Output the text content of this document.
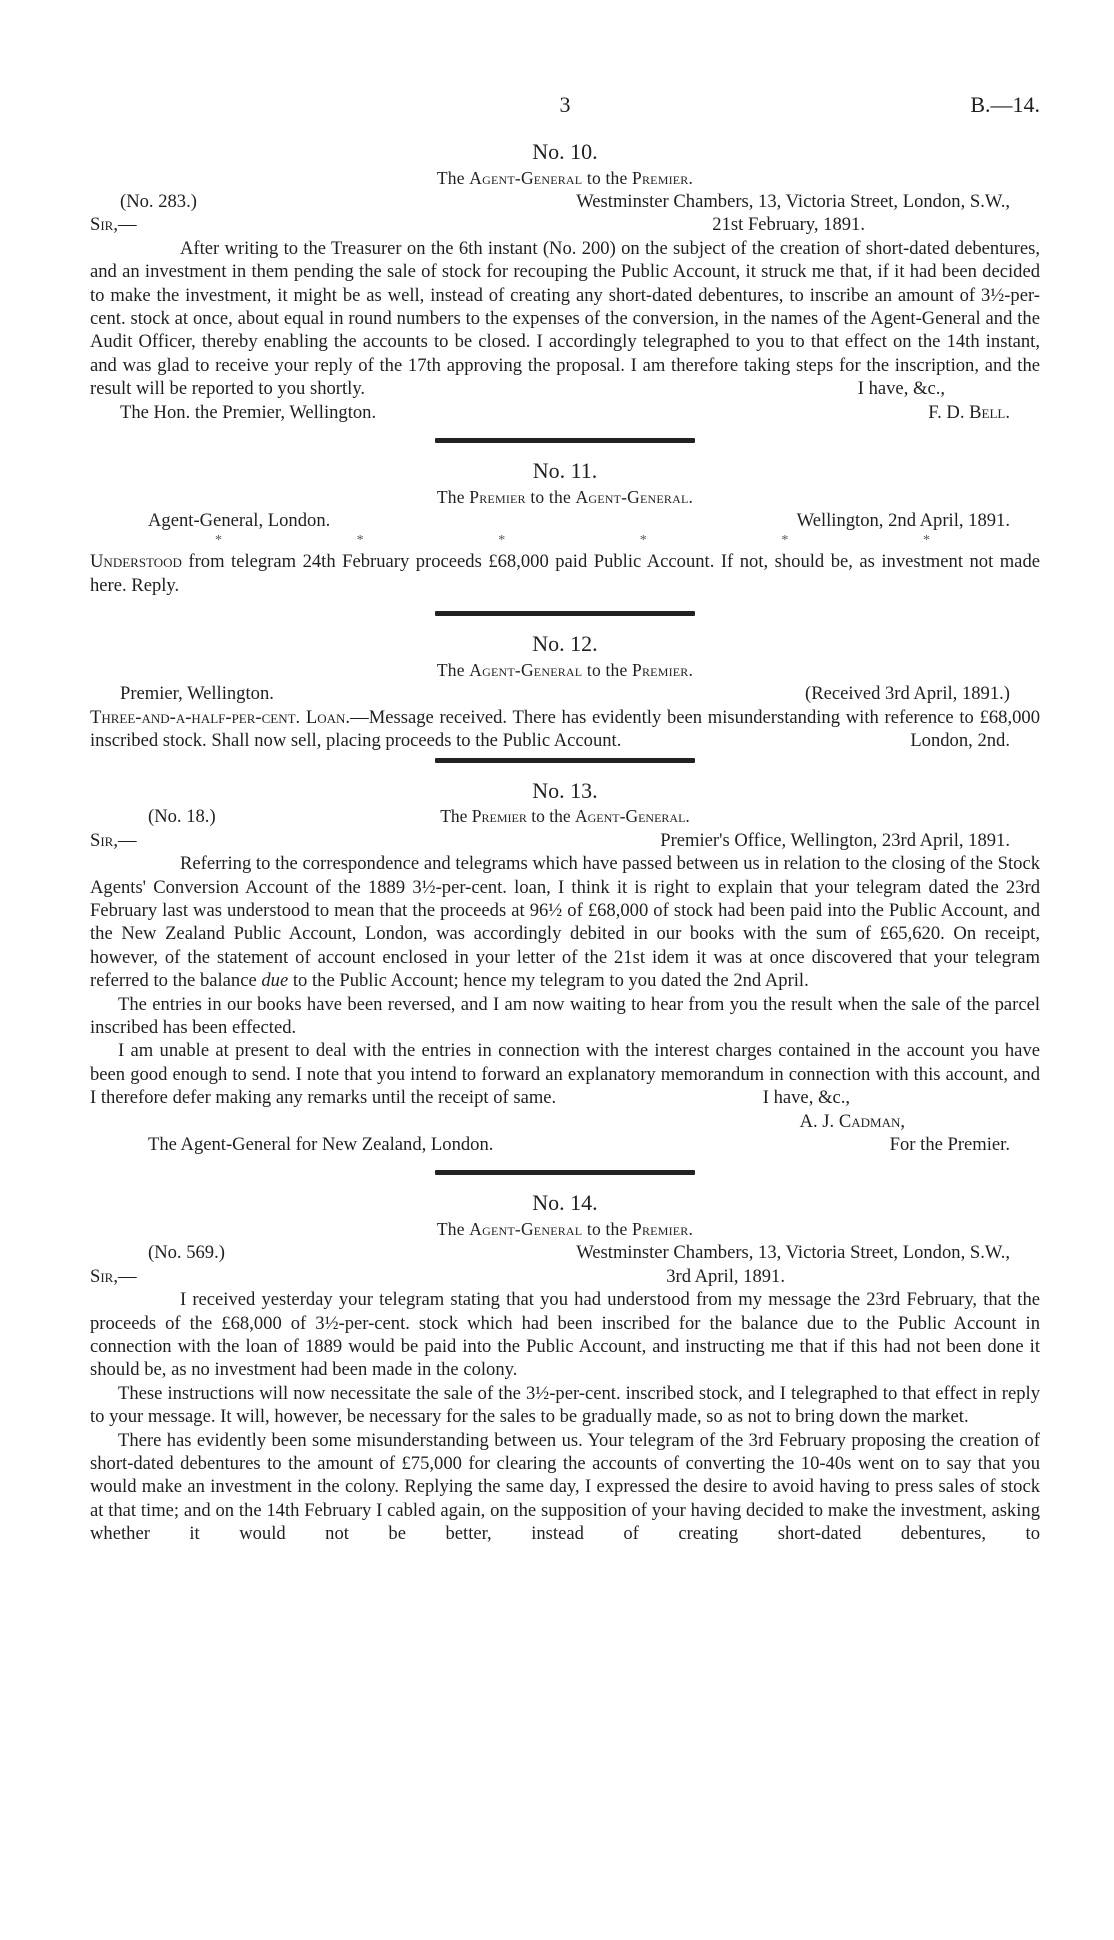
3	B.—14.
No. 10.
The Agent-General to the Premier.
(No. 283.)	Westminster Chambers, 13, Victoria Street, London, S.W.,
Sir,—	21st February, 1891.

After writing to the Treasurer on the 6th instant (No. 200) on the subject of the creation of short-dated debentures, and an investment in them pending the sale of stock for recouping the Public Account, it struck me that, if it had been decided to make the investment, it might be as well, instead of creating any short-dated debentures, to inscribe an amount of 3½-per-cent. stock at once, about equal in round numbers to the expenses of the conversion, in the names of the Agent-General and the Audit Officer, thereby enabling the accounts to be closed. I accordingly telegraphed to you to that effect on the 14th instant, and was glad to receive your reply of the 17th approving the proposal. I am therefore taking steps for the inscription, and the result will be reported to you shortly.	I have, &c.,
The Hon. the Premier, Wellington.	F. D. Bell.
No. 11.
The Premier to the Agent-General.
Agent-General, London.	Wellington, 2nd April, 1891.
*	*	*	*	*	*

Understood from telegram 24th February proceeds £68,000 paid Public Account. If not, should be, as investment not made here. Reply.

No. 12.
The Agent-General to the Premier.
Premier, Wellington.	(Received 3rd April, 1891.)

Three-and-a-half-per-cent. Loan.—Message received. There has evidently been misunderstanding with reference to £68,000 inscribed stock. Shall now sell, placing proceeds to the Public Account.	London, 2nd.
No. 13.
(No. 18.)	The Premier to the Agent-General.
Sir,—	Premier's Office, Wellington, 23rd April, 1891.

Referring to the correspondence and telegrams which have passed between us in relation to the closing of the Stock Agents' Conversion Account of the 1889 3½-per-cent. loan, I think it is right to explain that your telegram dated the 23rd February last was understood to mean that the proceeds at 96½ of £68,000 of stock had been paid into the Public Account, and the New Zealand Public Account, London, was accordingly debited in our books with the sum of £65,620. On receipt, however, of the statement of account enclosed in your letter of the 21st idem it was at once discovered that your telegram referred to the balance due to the Public Account; hence my telegram to you dated the 2nd April.

The entries in our books have been reversed, and I am now waiting to hear from you the result when the sale of the parcel inscribed has been effected.

I am unable at present to deal with the entries in connection with the interest charges contained in the account you have been good enough to send. I note that you intend to forward an explanatory memorandum in connection with this account, and I therefore defer making any remarks until the receipt of same.	I have, &c.,
A. J. Cadman,
The Agent-General for New Zealand, London.	For the Premier.
No. 14.
The Agent-General to the Premier.
(No. 569.)	Westminster Chambers, 13, Victoria Street, London, S.W.,
Sir,—	3rd April, 1891.

I received yesterday your telegram stating that you had understood from my message the 23rd February, that the proceeds of the £68,000 of 3½-per-cent. stock which had been inscribed for the balance due to the Public Account in connection with the loan of 1889 would be paid into the Public Account, and instructing me that if this had not been done it should be, as no investment had been made in the colony.

These instructions will now necessitate the sale of the 3½-per-cent. inscribed stock, and I telegraphed to that effect in reply to your message. It will, however, be necessary for the sales to be gradually made, so as not to bring down the market.

There has evidently been some misunderstanding between us. Your telegram of the 3rd February proposing the creation of short-dated debentures to the amount of £75,000 for clearing the accounts of converting the 10-40s went on to say that you would make an investment in the colony. Replying the same day, I expressed the desire to avoid having to press sales of stock at that time; and on the 14th February I cabled again, on the supposition of your having decided to make the investment, asking whether it would not be better, instead of creating short-dated debentures, to
